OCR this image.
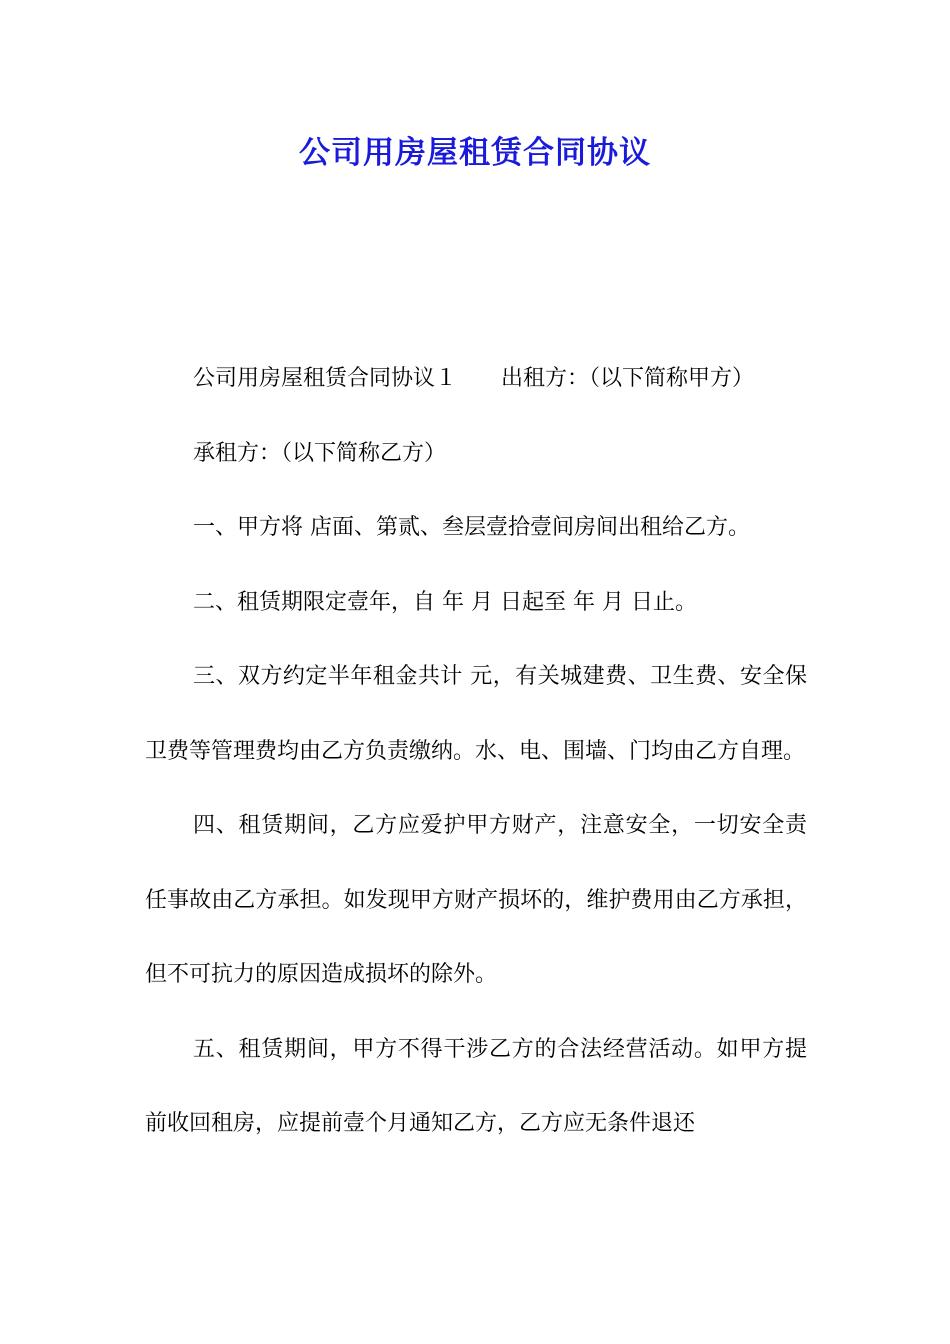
公司用房屋租赁合同协议

公司用房屋租赁合同协议１ 出租方：（以下简称甲方）

承租方：（以下简称乙方）

一、甲方将 店面、第贰、叁层壹拾壹间房间出租给乙方。

二、租赁期限定壹年，自 年 月 日起至 年 月 日止。

三、双方约定半年租金共计 元，有关城建费、卫生费、安全保卫费等管理费均由乙方负责缴纳。水、电、围墙、门均由乙方自理。

四、租赁期间，乙方应爱护甲方财产，注意安全，一切安全责任事故由乙方承担。如发现甲方财产损坏的，维护费用由乙方承担，但不可抗力的原因造成损坏的除外。

五、租赁期间，甲方不得干涉乙方的合法经营活动。如甲方提前收回租房，应提前壹个月通知乙方，乙方应无条件退还
